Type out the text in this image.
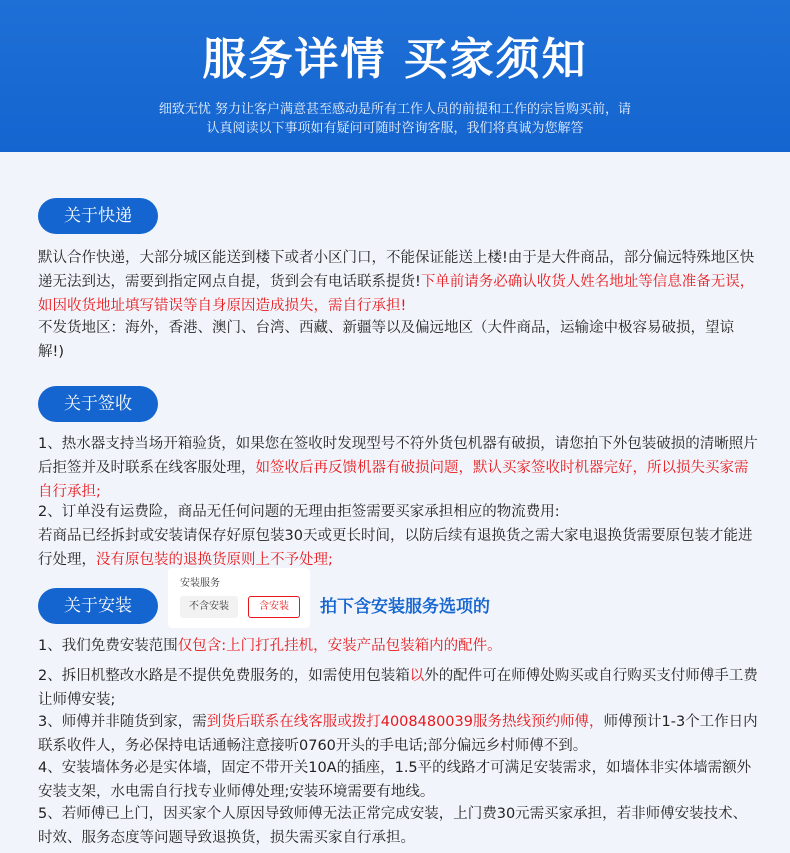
服务详情 买家须知
细致无忧 努力让客户满意甚至感动是所有工作人员的前提和工作的宗旨购买前，请
认真阅读以下事项如有疑问可随时咨询客服，我们将真诚为您解答
关于快递
默认合作快递，大部分城区能送到楼下或者小区门口，不能保证能送上楼!由于是大件商品，部分偏远特殊地区快递无法到达，需要到指定网点自提，货到会有电话联系提货!下单前请务必确认收货人姓名地址等信息准备无误，如因收货地址填写错误等自身原因造成损失，需自行承担!
不发货地区：海外，香港、澳门、台湾、西藏、新疆等以及偏远地区（大件商品，运输途中极容易破损，望谅解!)
关于签收
1、热水器支持当场开箱验货，如果您在签收时发现型号不符外货包机器有破损，请您拍下外包装破损的清晰照片后拒签并及时联系在线客服处理，如签收后再反馈机器有破损问题，默认买家签收时机器完好，所以损失买家需自行承担;
2、订单没有运费险，商品无任何问题的无理由拒签需要买家承担相应的物流费用:
若商品已经拆封或安装请保存好原包装30天或更长时间，以防后续有退换货之需大家电退换货需要原包装才能进行处理，没有原包装的退换货原则上不予处理;
安装服务
不含安装	含安装	拍下含安装服务选项的
关于安装
1、我们免费安装范围仅包含:上门打孔挂机，安装产品包装箱内的配件。
2、拆旧机整改水路是不提供免费服务的，如需使用包装箱以外的配件可在师傅处购买或自行购买支付师傅手工费让师傅安装;
3、师傅并非随货到家，需到货后联系在线客服或拨打4008480039服务热线预约师傅，师傅预计1-3个工作日内联系收件人，务必保持电话通畅注意接听0760开头的手电话;部分偏远乡村师傅不到。
4、安装墙体务必是实体墙，固定不带开关10A的插座，1.5平的线路才可满足安装需求，如墙体非实体墙需额外安装支架，水电需自行找专业师傅处理;安装环境需要有地线。
5、若师傅已上门，因买家个人原因导致师傅无法正常完成安装，上门费30元需买家承担，若非师傅安装技术、时效、服务态度等问题导致退换货，损失需买家自行承担。
